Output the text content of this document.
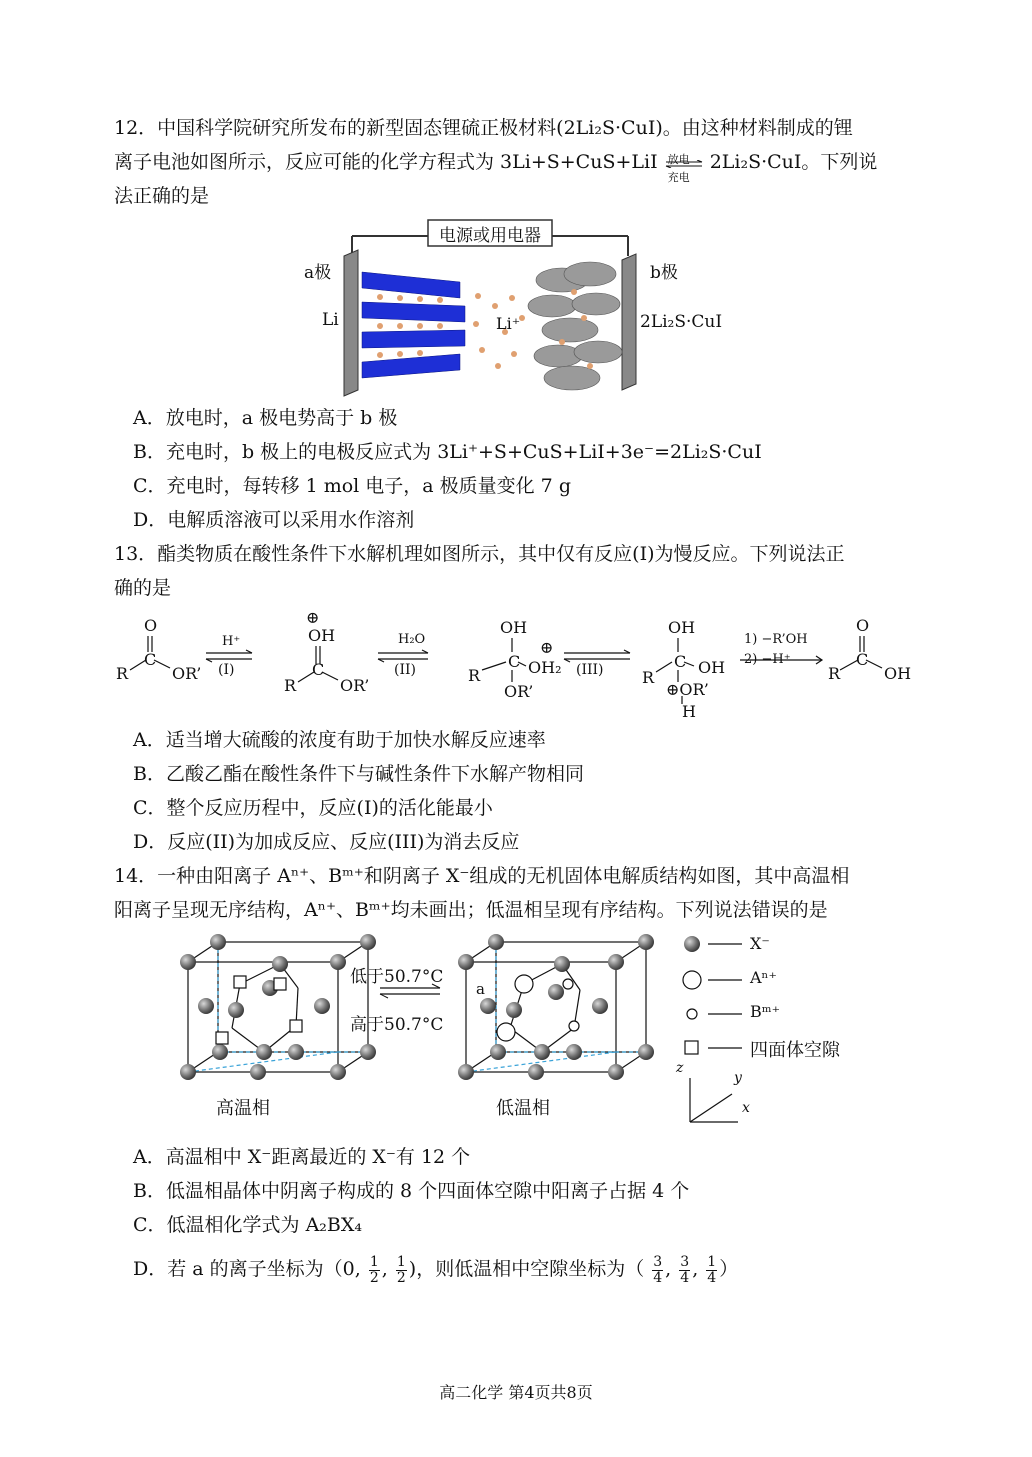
12．中国科学院研究所发布的新型固态锂硫正极材料(2Li₂S·CuI)。由这种材料制成的锂
离子电池如图所示，反应可能的化学方程式为 3Li+S+CuS+LiI 放电
充电
2Li₂S·CuI。下列说
法正确的是
电源或用电器
a极	b极
Li	Li⁺	2Li₂S·CuI
A．放电时，a 极电势高于 b 极
B．充电时，b 极上的电极反应式为 3Li⁺+S+CuS+LiI+3e⁻=2Li₂S·CuI
C．充电时，每转移 1 mol 电子，a 极质量变化 7 g
D．电解质溶液可以采用水作溶剂
13．酯类物质在酸性条件下水解机理如图所示，其中仅有反应(I)为慢反应。下列说法正
确的是
O
C
R	OR’
H⁺
(I)
⊕
OH
C
R	OR’
H₂O
(II)
OH
C
R
⊕
OH₂
OR’
(III)
OH
C
R
OH
⊕OR’
H
1) −R’OH
2) −H⁺
O
C
R	OH
A．适当增大硫酸的浓度有助于加快水解反应速率
B．乙酸乙酯在酸性条件下与碱性条件下水解产物相同
C．整个反应历程中，反应(I)的活化能最小
D．反应(II)为加成反应、反应(III)为消去反应
14．一种由阳离子 Aⁿ⁺、Bᵐ⁺和阴离子 X⁻组成的无机固体电解质结构如图，其中高温相
阳离子呈现无序结构，Aⁿ⁺、Bᵐ⁺均未画出；低温相呈现有序结构。下列说法错误的是
低于50.7°C
高于50.7°C
高温相	低温相
a
X⁻
Aⁿ⁺
Bᵐ⁺
四面体空隙
z
y
x
A．高温相中 X⁻距离最近的 X⁻有 12 个
B．低温相晶体中阴离子构成的 8 个四面体空隙中阳离子占据 4 个
C．低温相化学式为 A₂BX₄
D．若 a 的离子坐标为（0, $\frac{1}{2}$ , $\frac{1}{2}$ )，则低温相中空隙坐标为（ $\frac{3}{4}$ , $\frac{3}{4}$ , $\frac{1}{4}$ ）
高二化学 第4页共8页
